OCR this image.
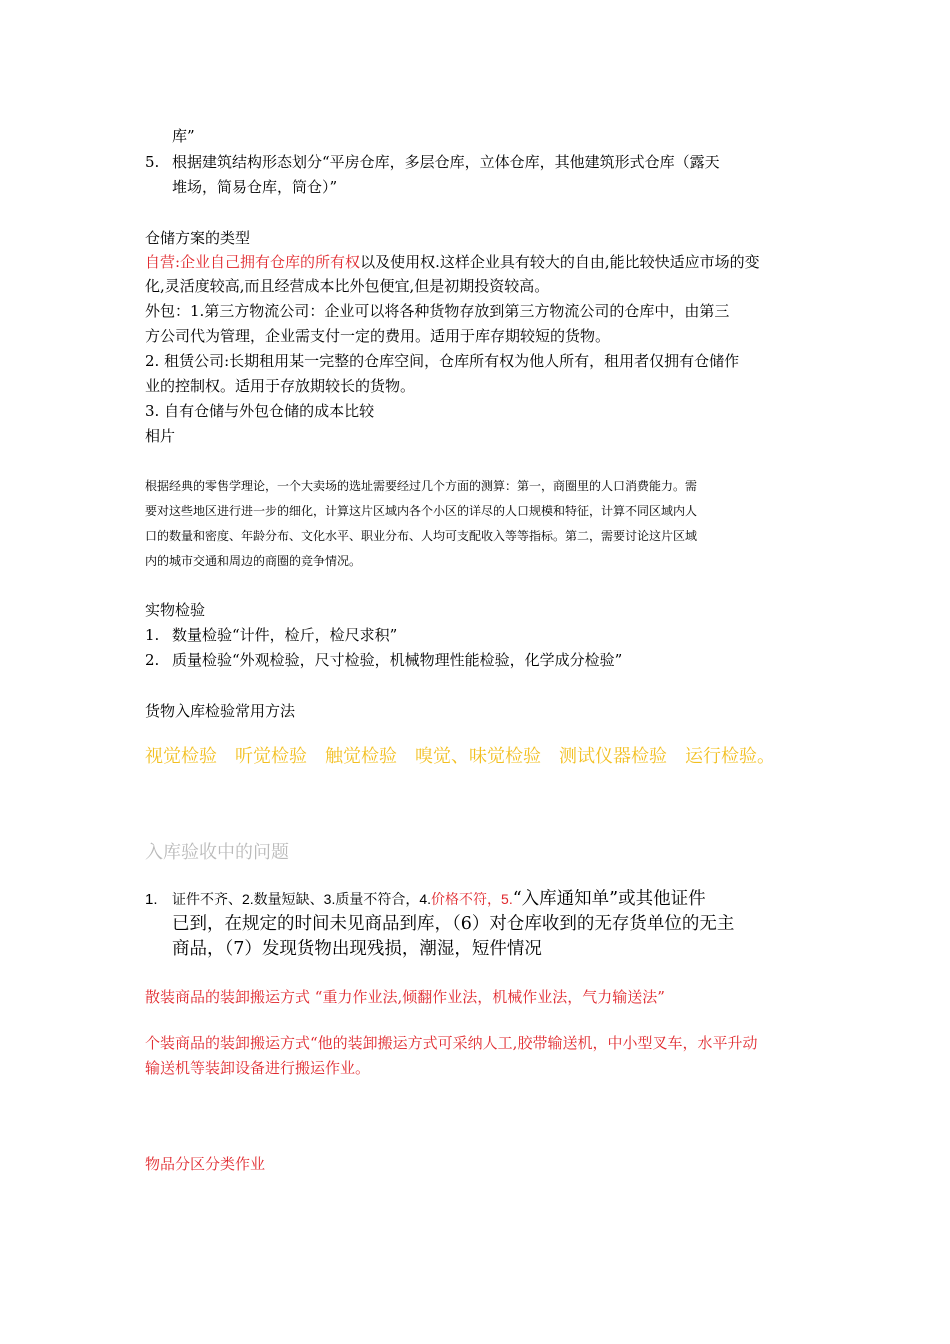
库”
5. 根据建筑结构形态划分“平房仓库，多层仓库，立体仓库，其他建筑形式仓库（露天
堆场，简易仓库，筒仓）”
仓储方案的类型
自营:企业自己拥有仓库的所有权以及使用权.这样企业具有较大的自由,能比较快适应市场的变
化,灵活度较高,而且经营成本比外包便宜,但是初期投资较高。
外包：1.第三方物流公司：企业可以将各种货物存放到第三方物流公司的仓库中，由第三
方公司代为管理，企业需支付一定的费用。适用于库存期较短的货物。
2. 租赁公司:长期租用某一完整的仓库空间，仓库所有权为他人所有，租用者仅拥有仓储作
业的控制权。适用于存放期较长的货物。
3. 自有仓储与外包仓储的成本比较
相片
根据经典的零售学理论，一个大卖场的选址需要经过几个方面的测算：第一，商圈里的人口消费能力。需
要对这些地区进行进一步的细化，计算这片区域内各个小区的详尽的人口规模和特征，计算不同区域内人
口的数量和密度、年龄分布、文化水平、职业分布、人均可支配收入等等指标。第二，需要讨论这片区域
内的城市交通和周边的商圈的竞争情况。
实物检验
1. 数量检验“计件，检斤，检尺求积”
2. 质量检验“外观检验，尺寸检验，机械物理性能检验，化学成分检验”
货物入库检验常用方法
视觉检验　听觉检验　触觉检验　嗅觉、味觉检验　测试仪器检验　运行检验。
入库验收中的问题
1. 证件不齐、2.数量短缺、3.质量不符合，4.价格不符，5.“入库通知单”或其他证件
已到，在规定的时间未见商品到库，（6）对仓库收到的无存货单位的无主
商品，（7）发现货物出现残损，潮湿，短件情况
散装商品的装卸搬运方式 “重力作业法,倾翻作业法，机械作业法，气力输送法”
个装商品的装卸搬运方式“他的装卸搬运方式可采纳人工,胶带输送机，中小型叉车，水平升动
输送机等装卸设备进行搬运作业。
物品分区分类作业
